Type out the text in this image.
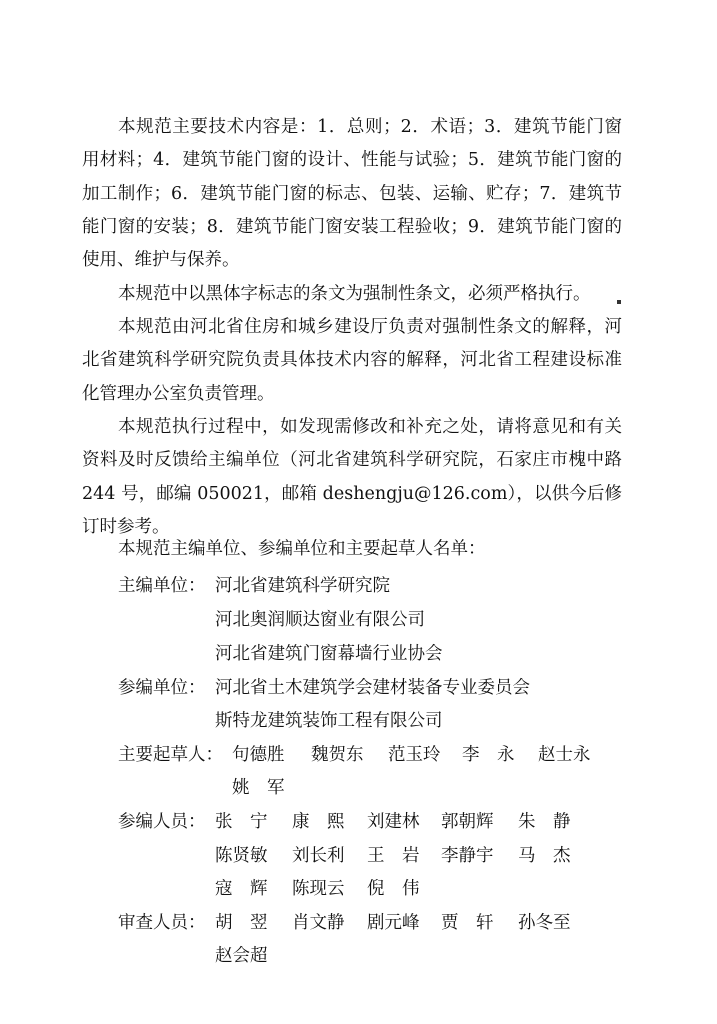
本规范主要技术内容是：1．总则；2．术语；3．建筑节能门窗用材料；4．建筑节能门窗的设计、性能与试验；5．建筑节能门窗的加工制作；6．建筑节能门窗的标志、包装、运输、贮存；7．建筑节能门窗的安装；8．建筑节能门窗安装工程验收；9．建筑节能门窗的使用、维护与保养。

本规范中以黑体字标志的条文为强制性条文，必须严格执行。

本规范由河北省住房和城乡建设厅负责对强制性条文的解释，河北省建筑科学研究院负责具体技术内容的解释，河北省工程建设标准化管理办公室负责管理。

本规范执行过程中，如发现需修改和补充之处，请将意见和有关资料及时反馈给主编单位（河北省建筑科学研究院，石家庄市槐中路 244 号，邮编 050021，邮箱 deshengju@126.com），以供今后修订时参考。

本规范主编单位、参编单位和主要起草人名单：

主编单位： 河北省建筑科学研究院
河北奥润顺达窗业有限公司
河北省建筑门窗幕墙行业协会
参编单位： 河北省土木建筑学会建材装备专业委员会
斯特龙建筑装饰工程有限公司
主要起草人： 句德胜 魏贺东 范玉玲 李　永 赵士永
姚　军
参编人员： 张　宁 康　熙 刘建林 郭朝辉 朱　静
陈贤敏 刘长利 王　岩 李静宇 马　杰
寇　辉 陈现云 倪　伟
审查人员： 胡　翌 肖文静 剧元峰 贾　轩 孙冬至
赵会超
